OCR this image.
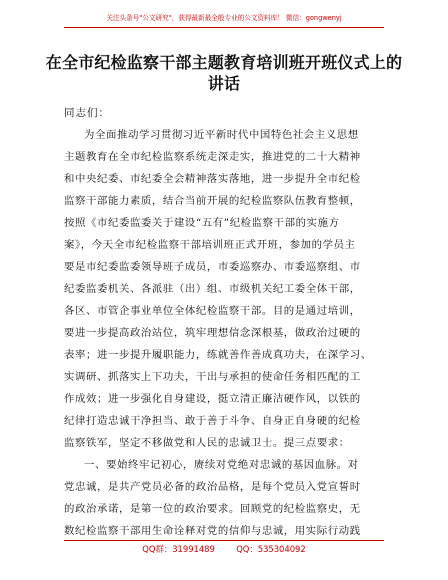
关注头条号"公文研究"，获得最新最全般专业的公文资料库！ 微信：gongwenyj
在全市纪检监察干部主题教育培训班开班仪式上的讲话
同志们：
为全面推动学习贯彻习近平新时代中国特色社会主义思想
主题教育在全市纪检监察系统走深走实，推进党的二十大精神
和中央纪委、市纪委全会精神落实落地，进一步提升全市纪检
监察干部能力素质，结合当前开展的纪检监察队伍教育整顿，
按照《市纪委监委关于建设“五有”纪检监察干部的实施方
案》，今天全市纪检监察干部培训班正式开班，参加的学员主
要是市纪委监委领导班子成员，市委巡察办、市委巡察组、市
纪委监委机关、各派驻（出）组、市级机关纪工委全体干部，
各区、市管企事业单位全体纪检监察干部。目的是通过培训，
要进一步提高政治站位，筑牢理想信念深根基，做政治过硬的
表率；进一步提升履职能力，练就善作善成真功夫，在深学习、
实调研、抓落实上下功夫，干出与承担的使命任务相匹配的工
作成效；进一步强化自身建设，挺立清正廉洁硬作风，以铁的
纪律打造忠诚干净担当、敢于善于斗争、自身正自身硬的纪检
监察铁军，坚定不移做党和人民的忠诚卫士。提三点要求：
一、要始终牢记初心，赓续对党绝对忠诚的基因血脉。对
党忠诚，是共产党员必备的政治品格，是每个党员入党宣誓时
的政治承诺，是第一位的政治要求。回顾党的纪检监察史，无
数纪检监察干部用生命诠释对党的信仰与忠诚，用实际行动践
QQ群：31991489	QQ：535304092
